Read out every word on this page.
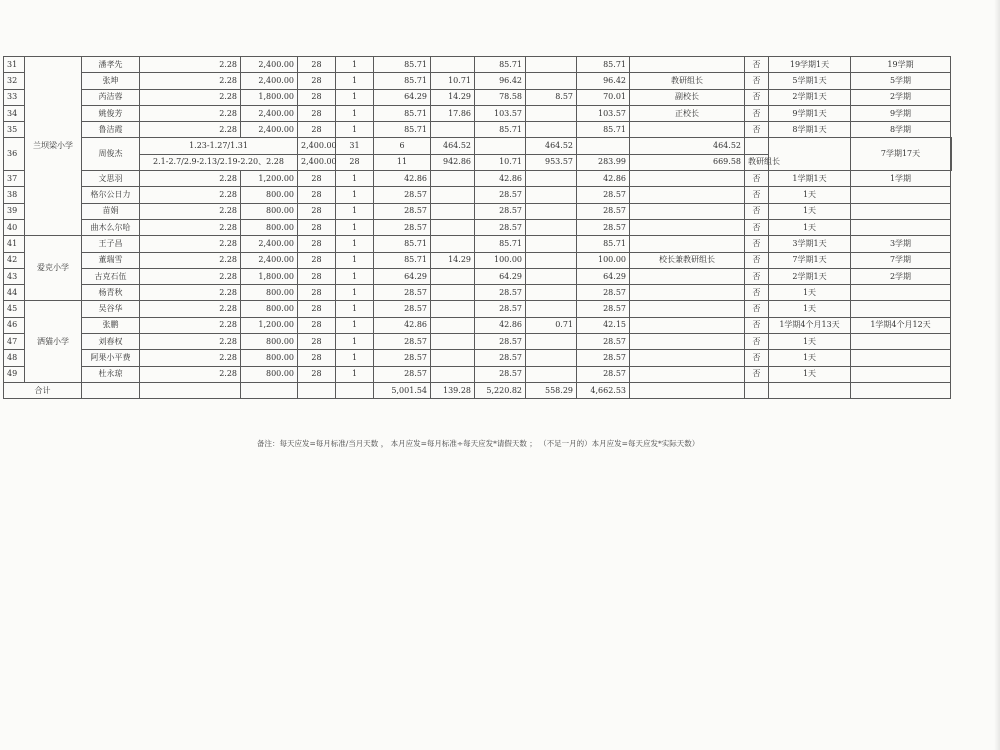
31	兰坝梁小学	潘孝先	2.28	2,400.00	28	1	85.71		85.71		85.71		否	19学期1天	19学期	
32		张坤	2.28	2,400.00	28	1	85.71	10.71	96.42		96.42	教研组长	否	5学期1天	5学期	
33		芮洁蓉	2.28	1,800.00	28	1	64.29	14.29	78.58	8.57	70.01	副校长	否	2学期1天	2学期	
34		姚俊芳	2.28	2,400.00	28	1	85.71	17.86	103.57		103.57	正校长	否	9学期1天	9学期	
35		鲁洁霞	2.28	2,400.00	28	1	85.71		85.71		85.71		否	8学期1天	8学期	
36		周俊杰	1.23-1.27/1.31		2,400.00	31	6	464.52		464.52		464.52			7学期17天	
			2.1-2.7/2.9-2.13/2.19-2.20、2.28		2,400.00	28	11	942.86	10.71	953.57	283.99	669.58	教研组长			
37		文思羽	2.28	1,200.00	28	1	42.86		42.86		42.86		否	1学期1天	1学期	
38		格尔公日力	2.28	800.00	28	1	28.57		28.57		28.57		否	1天		
39		苗娟	2.28	800.00	28	1	28.57		28.57		28.57		否	1天		
40		曲木么尔哈	2.28	800.00	28	1	28.57		28.57		28.57		否	1天		
41	爱克小学	王子昌	2.28	2,400.00	28	1	85.71		85.71		85.71		否	3学期1天	3学期	
42		董瑞雪	2.28	2,400.00	28	1	85.71	14.29	100.00		100.00	校长兼教研组长	否	7学期1天	7学期	
43		古克石伍	2.28	1,800.00	28	1	64.29		64.29		64.29		否	2学期1天	2学期	
44		杨青秋	2.28	800.00	28	1	28.57		28.57		28.57		否	1天		
45	洒猫小学	吴谷华	2.28	800.00	28	1	28.57		28.57		28.57		否	1天		
46		张鹏	2.28	1,200.00	28	1	42.86		42.86	0.71	42.15		否	1学期4个月13天	1学期4个月12天	
47		刘春权	2.28	800.00	28	1	28.57		28.57		28.57		否	1天		
48		阿果小平费	2.28	800.00	28	1	28.57		28.57		28.57		否	1天		
49		杜永琼	2.28	800.00	28	1	28.57		28.57		28.57		否	1天		
合计							5,001.54	139.28	5,220.82	558.29	4,662.53					
备注：每天应发=每月标准/当月天数 ， 本月应发=每月标准÷每天应发*请假天数 ； （不足一月的）本月应发=每天应发*实际天数）
